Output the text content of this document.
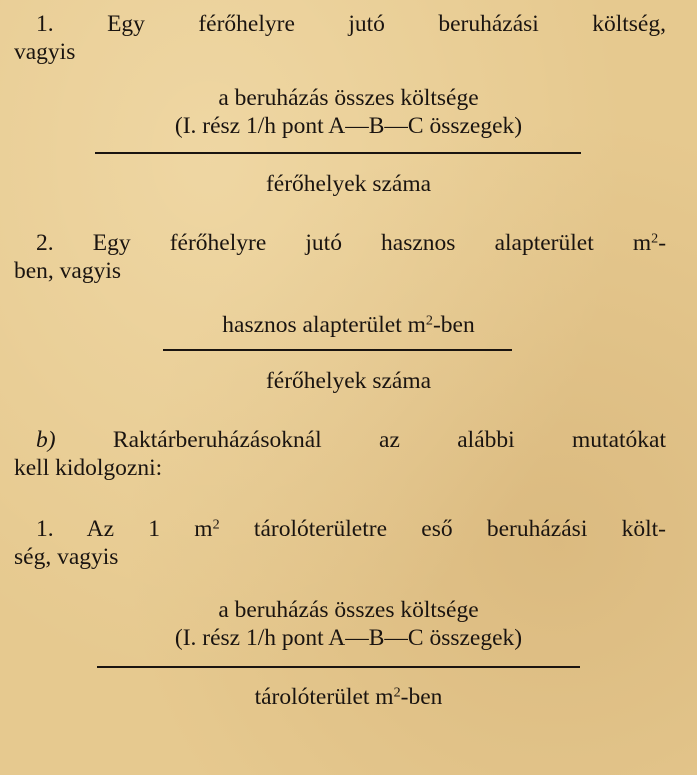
1. Egy férőhelyre jutó beruházási költség,
vagyis
a beruházás összes költsége
(I. rész 1/h pont A—B—C összegek)
férőhelyek száma
2. Egy férőhelyre jutó hasznos alapterület $m^2-$
ben, vagyis
hasznos alapterület $m^2$-ben
férőhelyek száma
b) Raktárberuházásoknál az alábbi mutatókat
kell kidolgozni:
1. Az 1 $m^2$ tárolóterületre eső beruházási költ-
ség, vagyis
a beruházás összes költsége
(I. rész 1/h pont A—B—C összegek)
tárolóterület $m^2$-ben
